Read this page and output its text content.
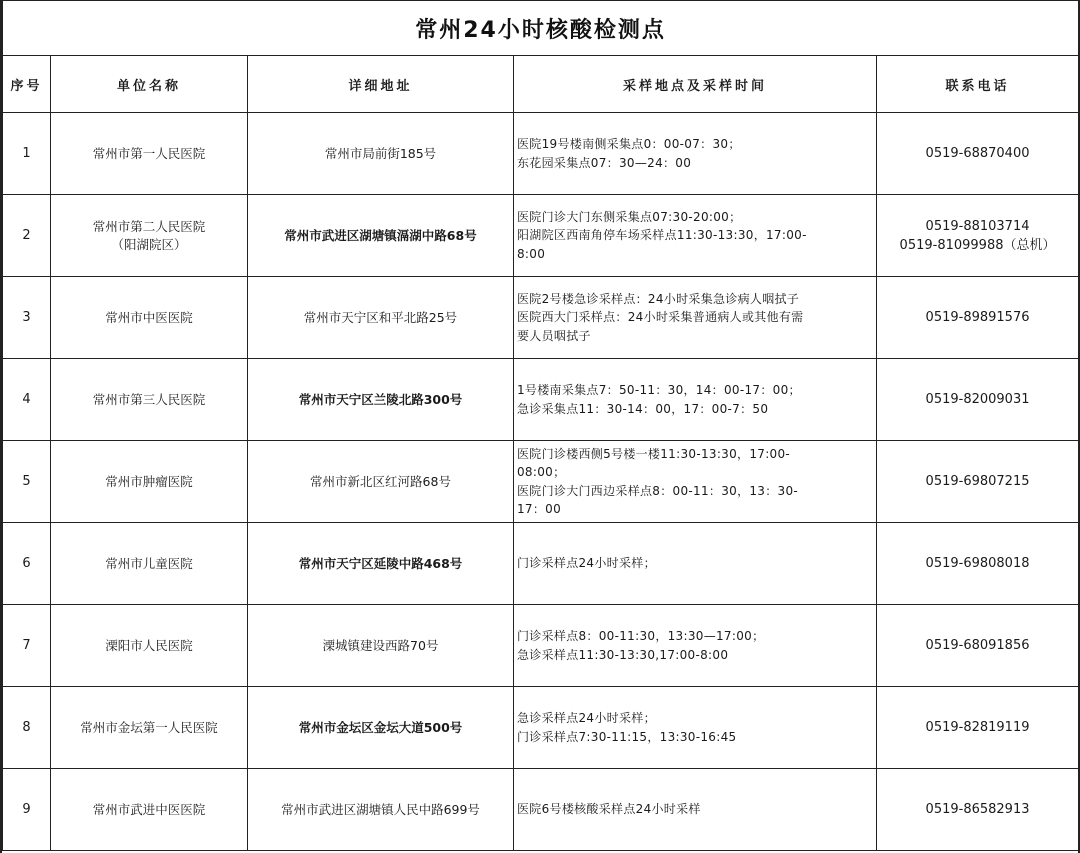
常州24小时核酸检测点				
序号	单位名称	详细地址	采样地点及采样时间	联系电话
1	常州市第一人民医院	常州市局前街185号	医院19号楼南侧采集点0：00-07：30；
东花园采集点07：30—24：00	0519-68870400

2	常州市第二人民医院
（阳湖院区）	常州市武进区湖塘镇滆湖中路68号	医院门诊大门东侧采集点07:30-20:00；
阳湖院区西南角停车场采样点11:30-13:30，17:00-
8:00	0519-88103714
0519-81099988（总机）

3	常州市中医医院	常州市天宁区和平北路25号	医院2号楼急诊采样点：24小时采集急诊病人咽拭子
医院西大门采样点：24小时采集普通病人或其他有需
要人员咽拭子	0519-89891576

4	常州市第三人民医院	常州市天宁区兰陵北路300号	1号楼南采集点7：50-11：30，14：00-17：00；
急诊采集点11：30-14：00，17：00-7：50	0519-82009031

5	常州市肿瘤医院	常州市新北区红河路68号	医院门诊楼西侧5号楼一楼11:30-13:30，17:00-
08:00；
医院门诊大门西边采样点8：00-11：30，13：30-
17：00	0519-69807215

6	常州市儿童医院	常州市天宁区延陵中路468号	门诊采样点24小时采样；	0519-69808018

7	溧阳市人民医院	溧城镇建设西路70号	门诊采样点8：00-11:30，13:30—17:00；
急诊采样点11:30-13:30,17:00-8:00	0519-68091856

8	常州市金坛第一人民医院	常州市金坛区金坛大道500号	急诊采样点24小时采样；
门诊采样点7:30-11:15，13:30-16:45	0519-82819119

9	常州市武进中医医院	常州市武进区湖塘镇人民中路699号	医院6号楼核酸采样点24小时采样	0519-86582913
